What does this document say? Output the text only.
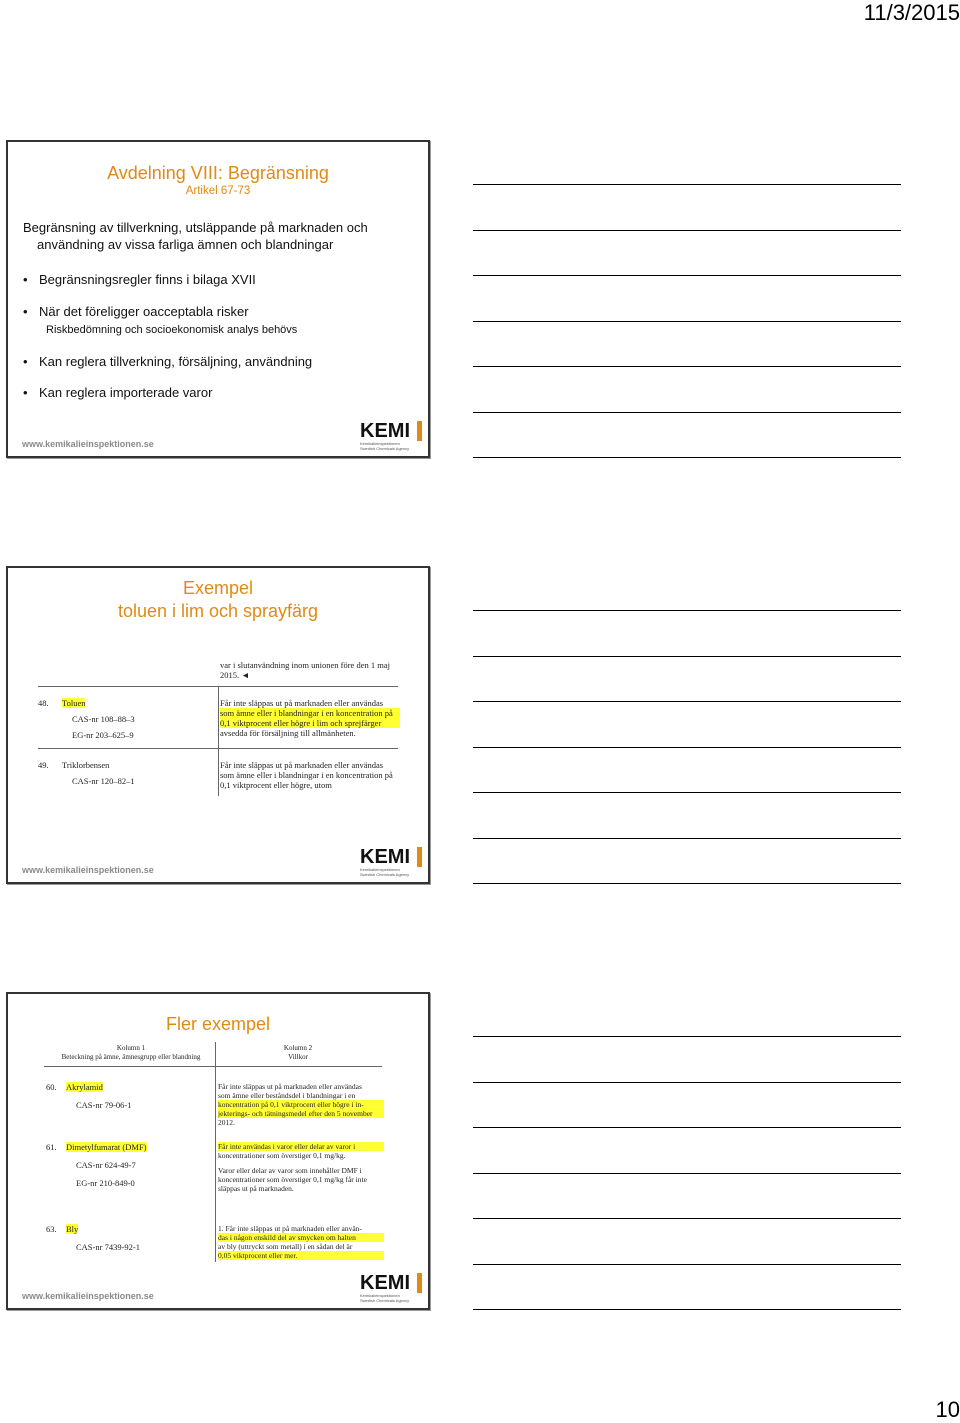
11/3/2015
Avdelning VIII: Begränsning
Artikel 67-73
Begränsning av tillverkning, utsläppande på marknaden och
användning av vissa farliga ämnen och blandningar
• Begränsningsregler finns i bilaga XVII
• När det föreligger oacceptabla risker
Riskbedömning och socioekonomisk analys behövs
• Kan reglera tillverkning, försäljning, användning
• Kan reglera importerade varor
www.kemikalieinspektionen.se
KEMI
Kemikalieinspektionen
Swedish Chemicals Agency
Exempel
toluen i lim och sprayfärg
var i slutanvändning inom unionen före den 1 maj
2015. ◄
48. Toluen
CAS-nr 108–88–3
EG-nr 203–625–9
Får inte släppas ut på marknaden eller användas
som ämne eller i blandningar i en koncentration på
0,1 viktprocent eller högre i lim och sprejfärger
avsedda för försäljning till allmänheten.
49. Triklorbensen
CAS-nr 120–82–1
Får inte släppas ut på marknaden eller användas
som ämne eller i blandningar i en koncentration på
0,1 viktprocent eller högre, utom
www.kemikalieinspektionen.se
KEMI
Kemikalieinspektionen
Swedish Chemicals Agency
Fler exempel
Kolumn 1
Beteckning på ämne, ämnesgrupp eller blandning
Kolumn 2
Villkor
60. Akrylamid
CAS-nr 79-06-1
Får inte släppas ut på marknaden eller användas
som ämne eller beståndsdel i blandningar i en
koncentration på 0,1 viktprocent eller högre i in-
jekterings- och tätningsmedel efter den 5 november
2012.
61. Dimetylfumarat (DMF)
CAS-nr 624-49-7
EG-nr 210-849-0
Får inte användas i varor eller delar av varor i
koncentrationer som överstiger 0,1 mg/kg.
Varor eller delar av varor som innehåller DMF i
koncentrationer som överstiger 0,1 mg/kg får inte
släppas ut på marknaden.
63. Bly
CAS-nr 7439-92-1
1. Får inte släppas ut på marknaden eller använ-
das i någon enskild del av smycken om halten
av bly (uttryckt som metall) i en sådan del är
0,05 viktprocent eller mer.
www.kemikalieinspektionen.se
KEMI
Kemikalieinspektionen
Swedish Chemicals Agency
10
